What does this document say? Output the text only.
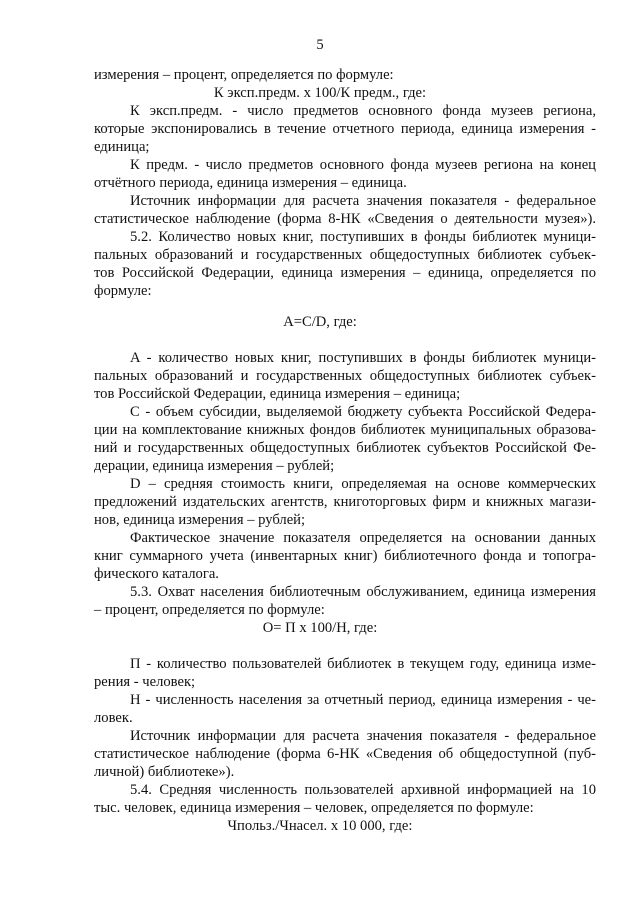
5
измерения – процент, определяется по формуле:
К эксп.предм. х 100/К предм., где:
К эксп.предм. - число предметов основного фонда музеев региона,
которые экспонировались в течение отчетного периода, единица измерения -
единица;
К предм. - число предметов основного фонда музеев региона на конец
отчётного периода, единица измерения – единица.
Источник информации для расчета значения показателя - федеральное
статистическое наблюдение (форма 8-НК «Сведения о деятельности музея»).
5.2. Количество новых книг, поступивших в фонды библиотек муници-
пальных образований и государственных общедоступных библиотек субъек-
тов Российской Федерации, единица измерения – единица, определяется по
формуле:
A=C/D, где:
A - количество новых книг, поступивших в фонды библиотек муници-
пальных образований и государственных общедоступных библиотек субъек-
тов Российской Федерации, единица измерения – единица;
C - объем субсидии, выделяемой бюджету субъекта Российской Федера-
ции на комплектование книжных фондов библиотек муниципальных образова-
ний и государственных общедоступных библиотек субъектов Российской Фе-
дерации, единица измерения – рублей;
D – средняя стоимость книги, определяемая на основе коммерческих
предложений издательских агентств, книготорговых фирм и книжных магази-
нов, единица измерения – рублей;
Фактическое значение показателя определяется на основании данных
книг суммарного учета (инвентарных книг) библиотечного фонда и топогра-
фического каталога.
5.3. Охват населения библиотечным обслуживанием, единица измерения
– процент, определяется по формуле:
О= П х 100/Н, где:
П - количество пользователей библиотек в текущем году, единица изме-
рения - человек;
Н - численность населения за отчетный период, единица измерения - че-
ловек.
Источник информации для расчета значения показателя - федеральное
статистическое наблюдение (форма 6-НК «Сведения об общедоступной (пуб-
личной) библиотеке»).
5.4. Средняя численность пользователей архивной информацией на 10
тыс. человек, единица измерения – человек, определяется по формуле:
Чпольз./Чнасел. х 10 000, где:
